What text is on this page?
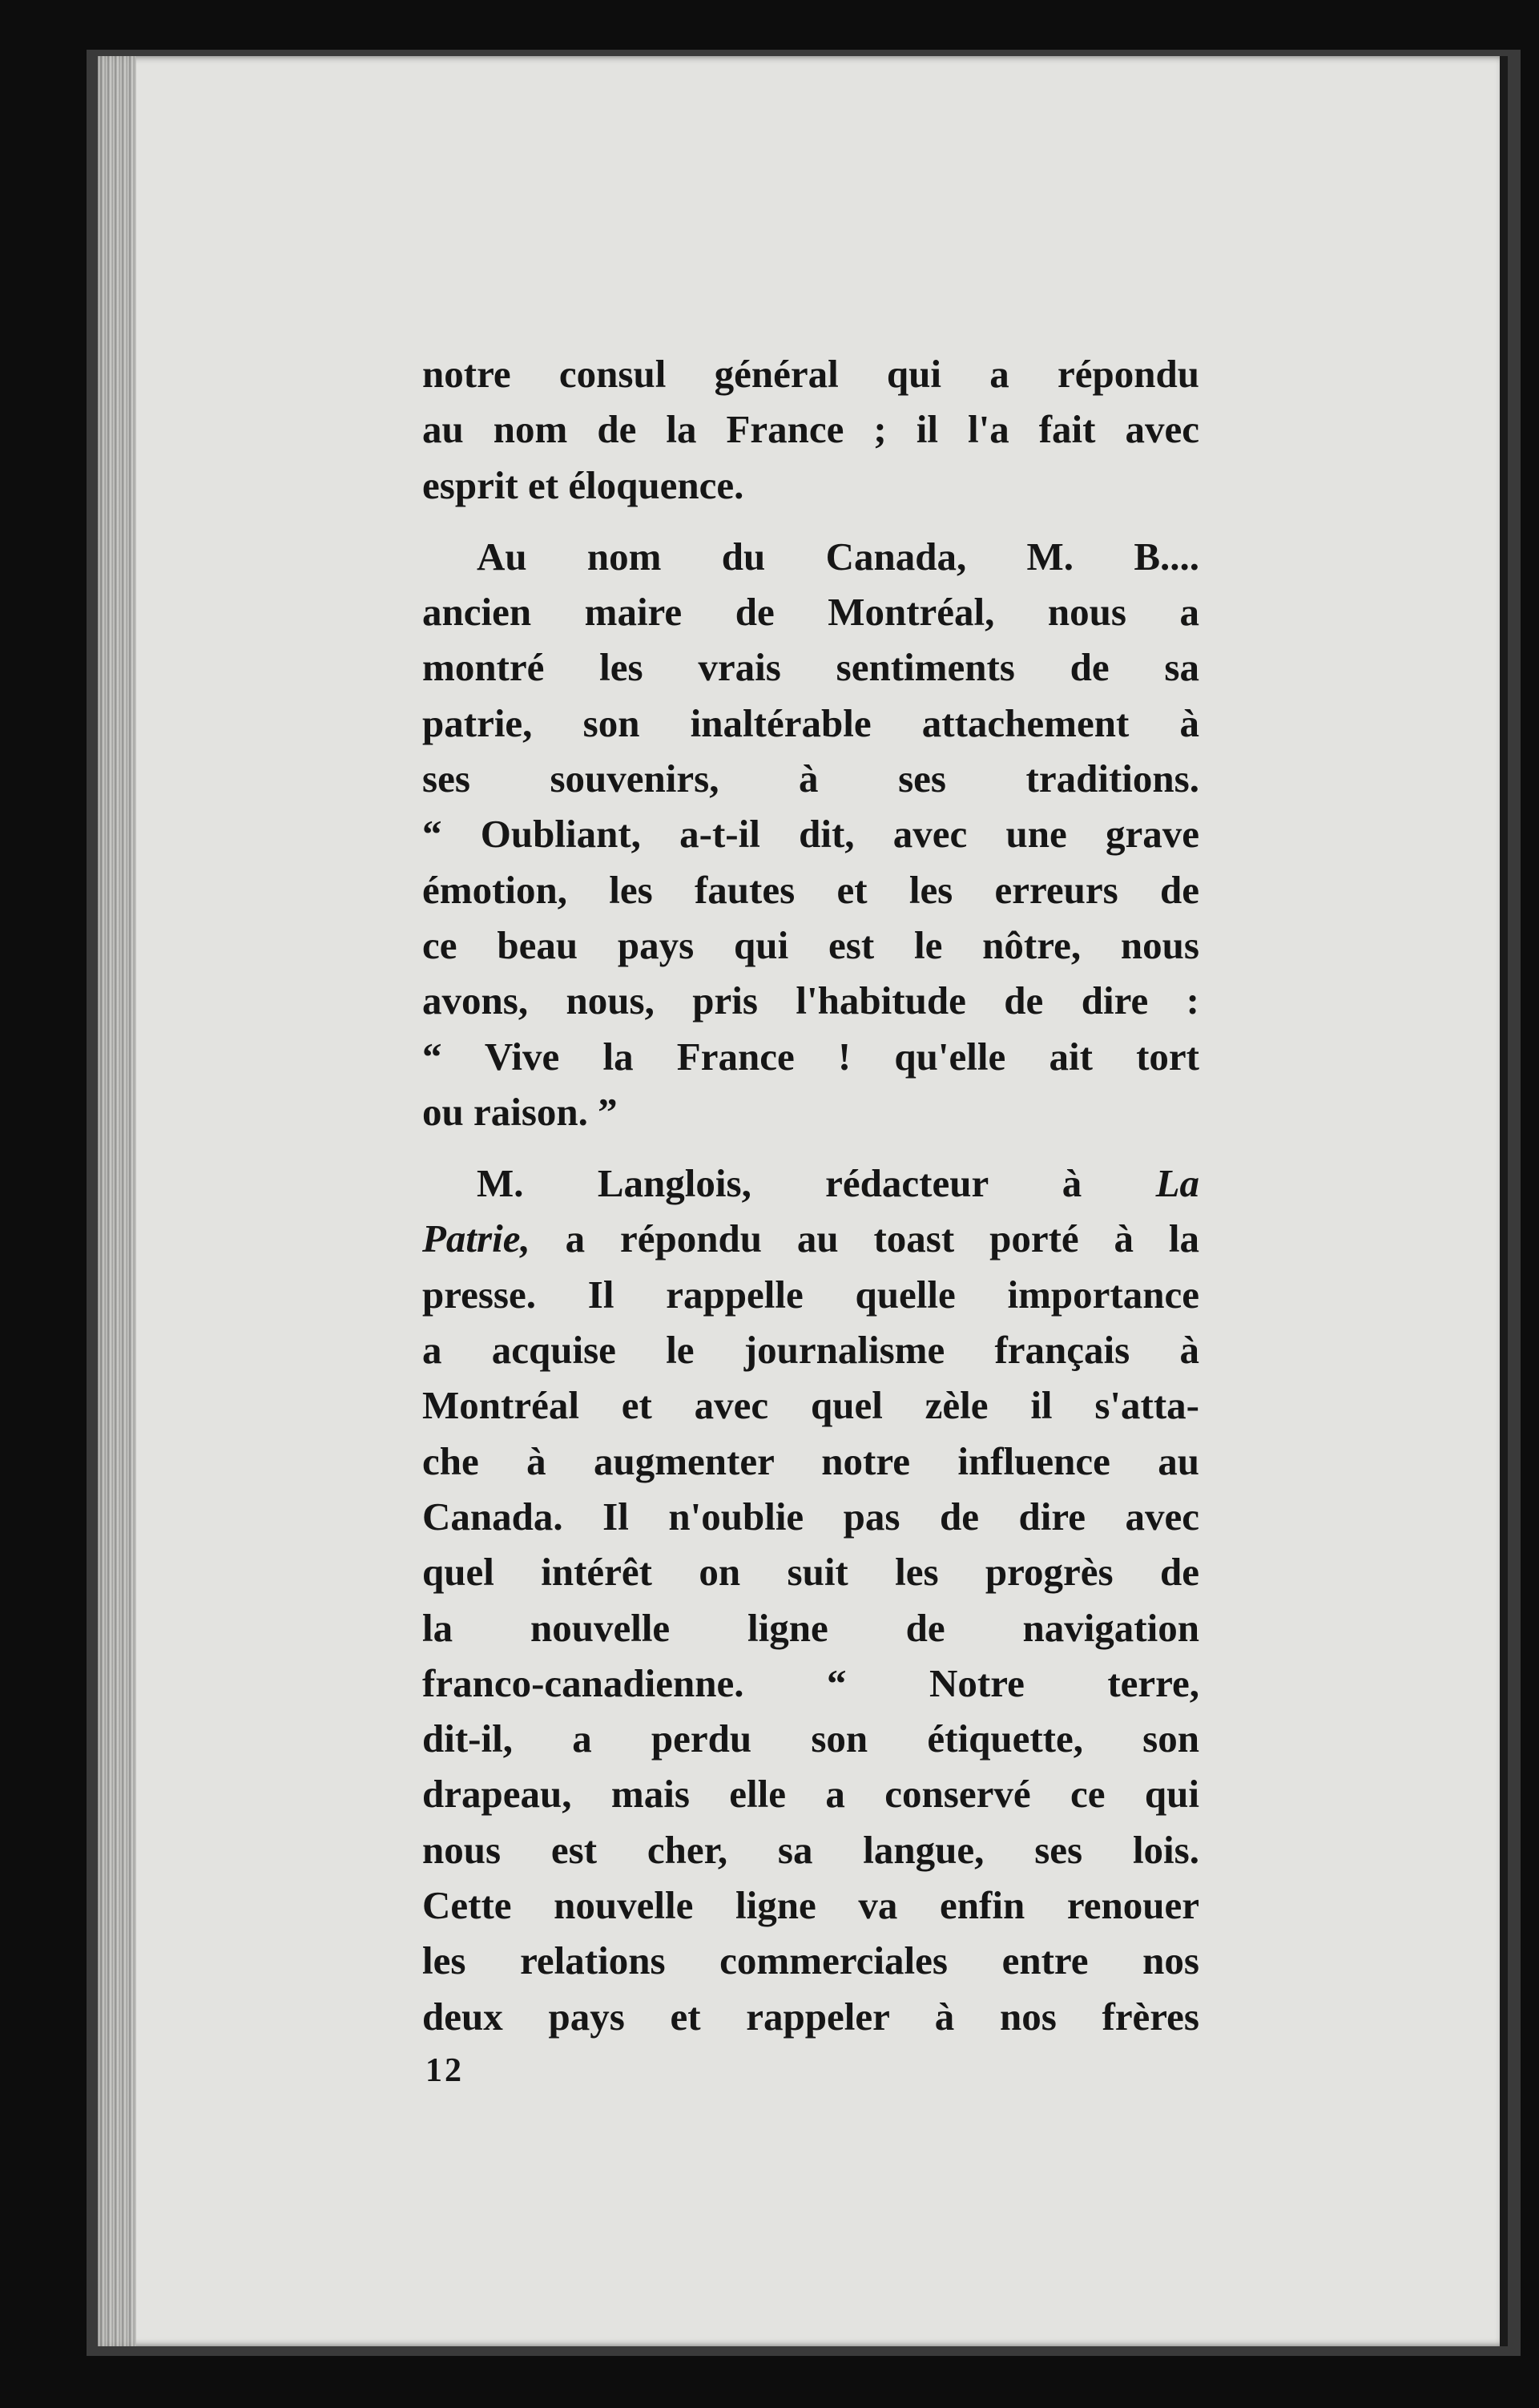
notre consul général qui a répondu
au nom de la France ; il l'a fait avec
esprit et éloquence.

Au nom du Canada, M. B....
ancien maire de Montréal, nous a
montré les vrais sentiments de sa
patrie, son inaltérable attachement à
ses souvenirs, à ses traditions.
“ Oubliant, a-t-il dit, avec une grave
émotion, les fautes et les erreurs de
ce beau pays qui est le nôtre, nous
avons, nous, pris l'habitude de dire :
“ Vive la France ! qu'elle ait tort
ou raison. ”

M. Langlois, rédacteur à La
Patrie, a répondu au toast porté à la
presse. Il rappelle quelle importance
a acquise le journalisme français à
Montréal et avec quel zèle il s'atta-
che à augmenter notre influence au
Canada. Il n'oublie pas de dire avec
quel intérêt on suit les progrès de
la nouvelle ligne de navigation
franco-canadienne. “ Notre terre,
dit-il, a perdu son étiquette, son
drapeau, mais elle a conservé ce qui
nous est cher, sa langue, ses lois.
Cette nouvelle ligne va enfin renouer
les relations commerciales entre nos
deux pays et rappeler à nos frères

12
